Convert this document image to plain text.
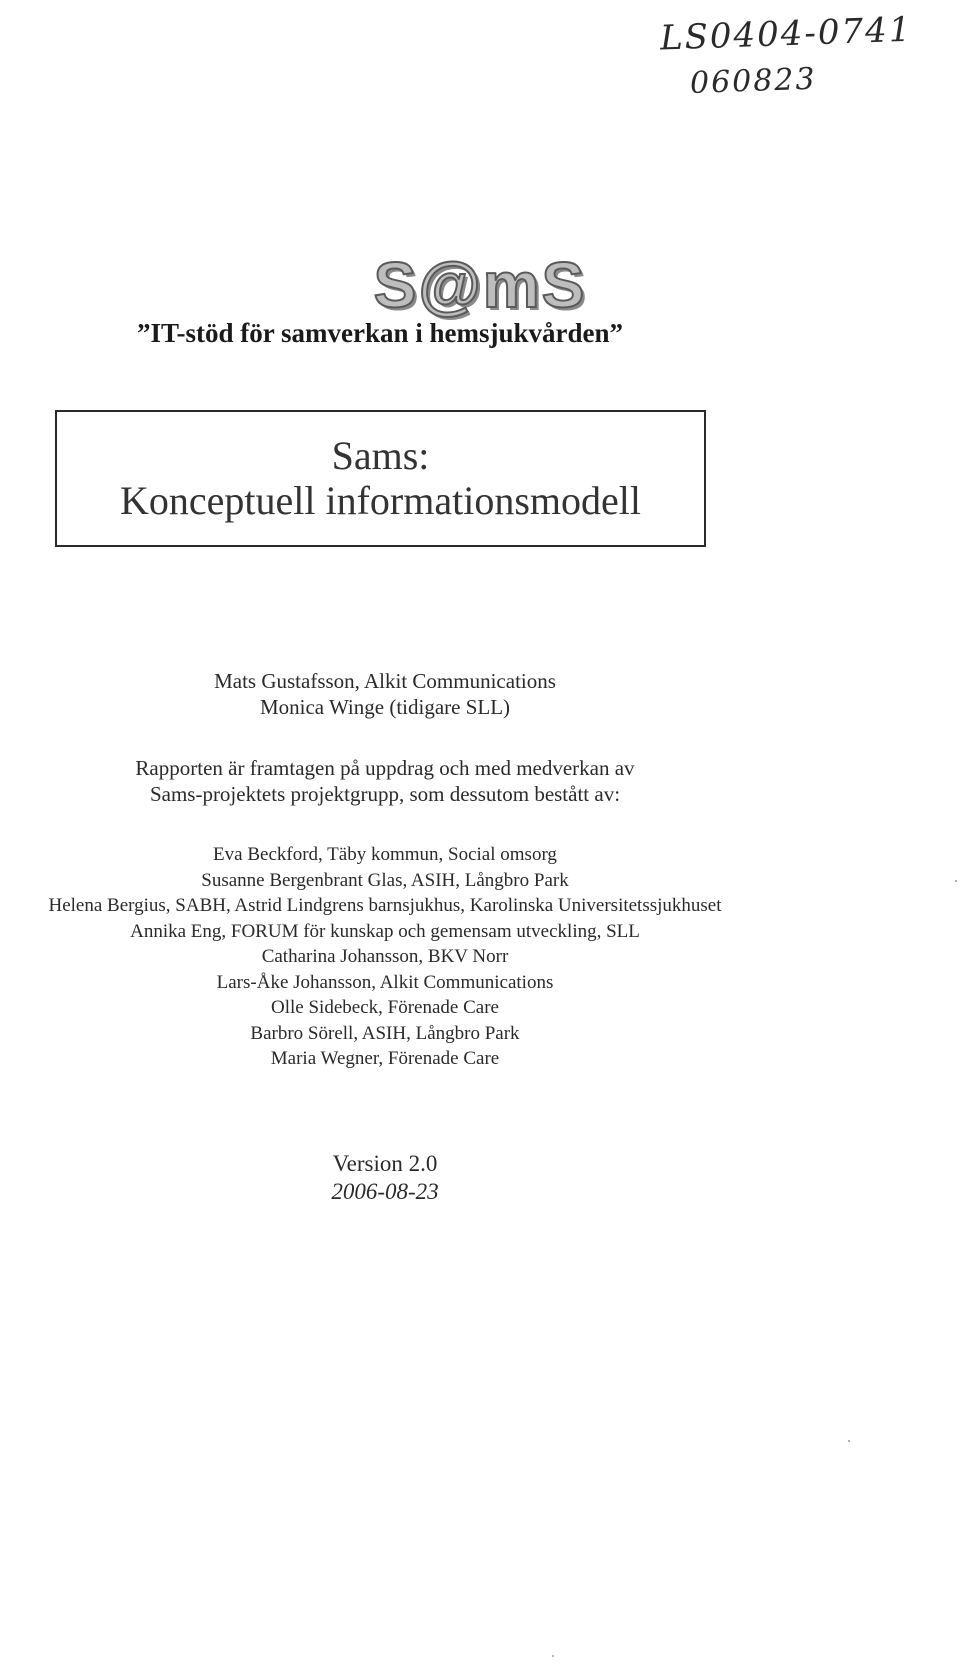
LS0404-0741
060823
S@mS
”IT-stöd för samverkan i hemsjukvården”
Sams:
Konceptuell informationsmodell
Mats Gustafsson, Alkit Communications
Monica Winge (tidigare SLL)
Rapporten är framtagen på uppdrag och med medverkan av
Sams-projektets projektgrupp, som dessutom bestått av:
Eva Beckford, Täby kommun, Social omsorg
Susanne Bergenbrant Glas, ASIH, Långbro Park
Helena Bergius, SABH, Astrid Lindgrens barnsjukhus, Karolinska Universitetssjukhuset
Annika Eng, FORUM för kunskap och gemensam utveckling, SLL
Catharina Johansson, BKV Norr
Lars-Åke Johansson, Alkit Communications
Olle Sidebeck, Förenade Care
Barbro Sörell, ASIH, Långbro Park
Maria Wegner, Förenade Care
Version 2.0
2006-08-23
